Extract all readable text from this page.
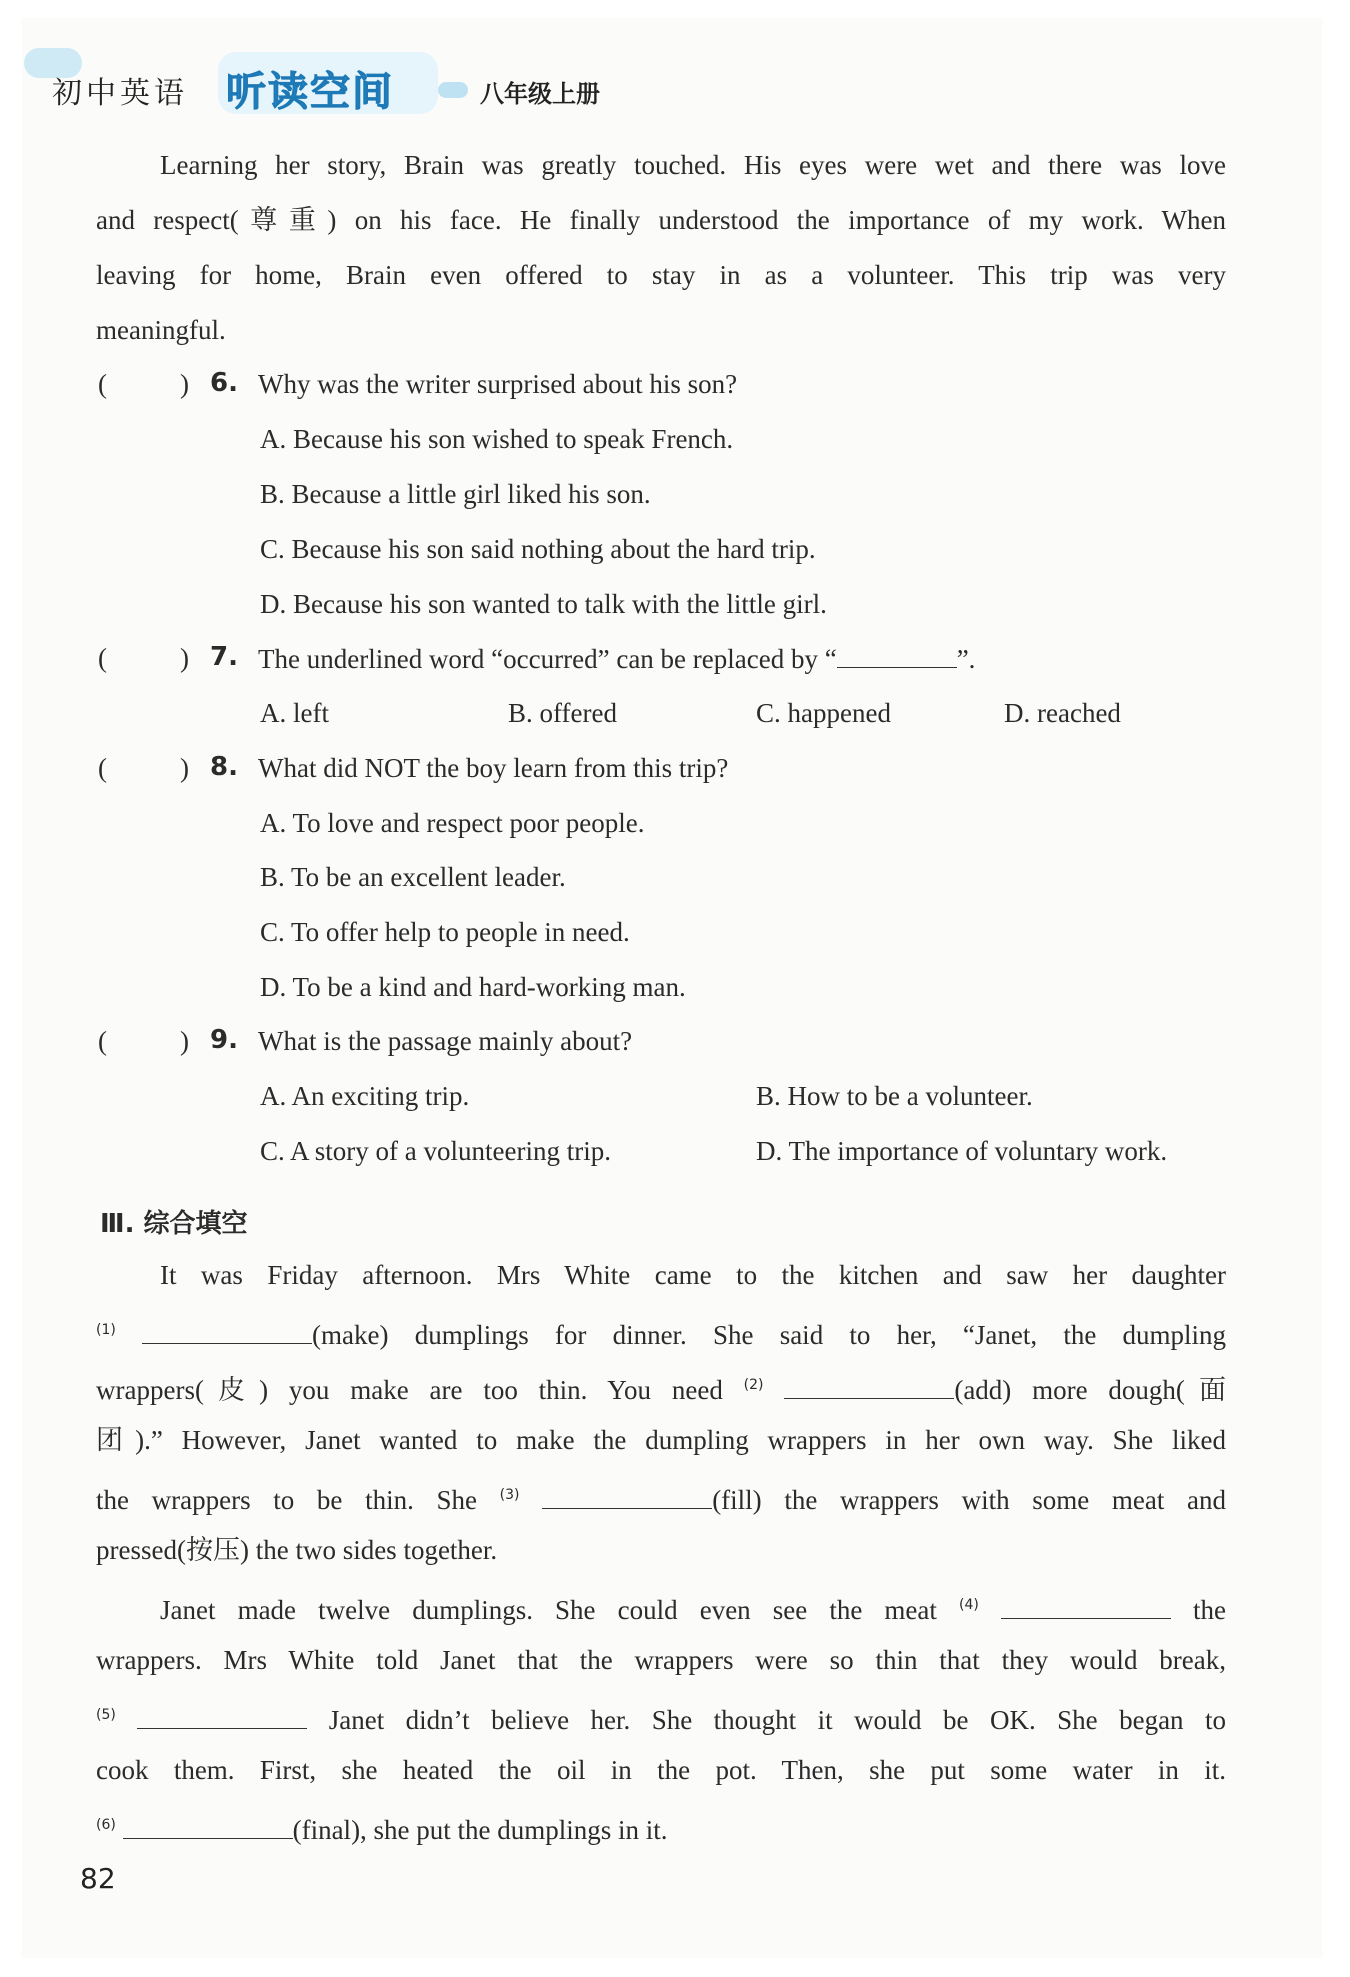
初中英语 听读空间	八年级上册
Learning her story, Brain was greatly touched. His eyes were wet and there was love
and respect(尊重) on his face. He finally understood the importance of my work. When
leaving for home, Brain even offered to stay in as a volunteer. This trip was very
meaningful.
(	) 6. Why was the writer surprised about his son?
A. Because his son wished to speak French.
B. Because a little girl liked his son.
C. Because his son said nothing about the hard trip.
D. Because his son wanted to talk with the little girl.
(	) 7. The underlined word “occurred” can be replaced by “	”.
A. left	B. offered	C. happened	D. reached
(	) 8. What did NOT the boy learn from this trip?
A. To love and respect poor people.
B. To be an excellent leader.
C. To offer help to people in need.
D. To be a kind and hard-working man.
(	) 9. What is the passage mainly about?
A. An exciting trip.	B. How to be a volunteer.
C. A story of a volunteering trip.	D. The importance of voluntary work.
Ⅲ. 综合填空
It was Friday afternoon. Mrs White came to the kitchen and saw her daughter
$^{(1)}$	(make) dumplings for dinner. She said to her, “Janet, the dumpling
wrappers(皮) you make are too thin. You need $^{(2)}$	(add) more dough(面
团).” However, Janet wanted to make the dumpling wrappers in her own way. She liked
the wrappers to be thin. She $^{(3)}$	(fill) the wrappers with some meat and
pressed(按压) the two sides together.
Janet made twelve dumplings. She could even see the meat $^{(4)}$	the
wrappers. Mrs White told Janet that the wrappers were so thin that they would break,
$^{(5)}$	Janet didn’t believe her. She thought it would be OK. She began to
cook them. First, she heated the oil in the pot. Then, she put some water in it.
$^{(6)}$	(final), she put the dumplings in it.
82
